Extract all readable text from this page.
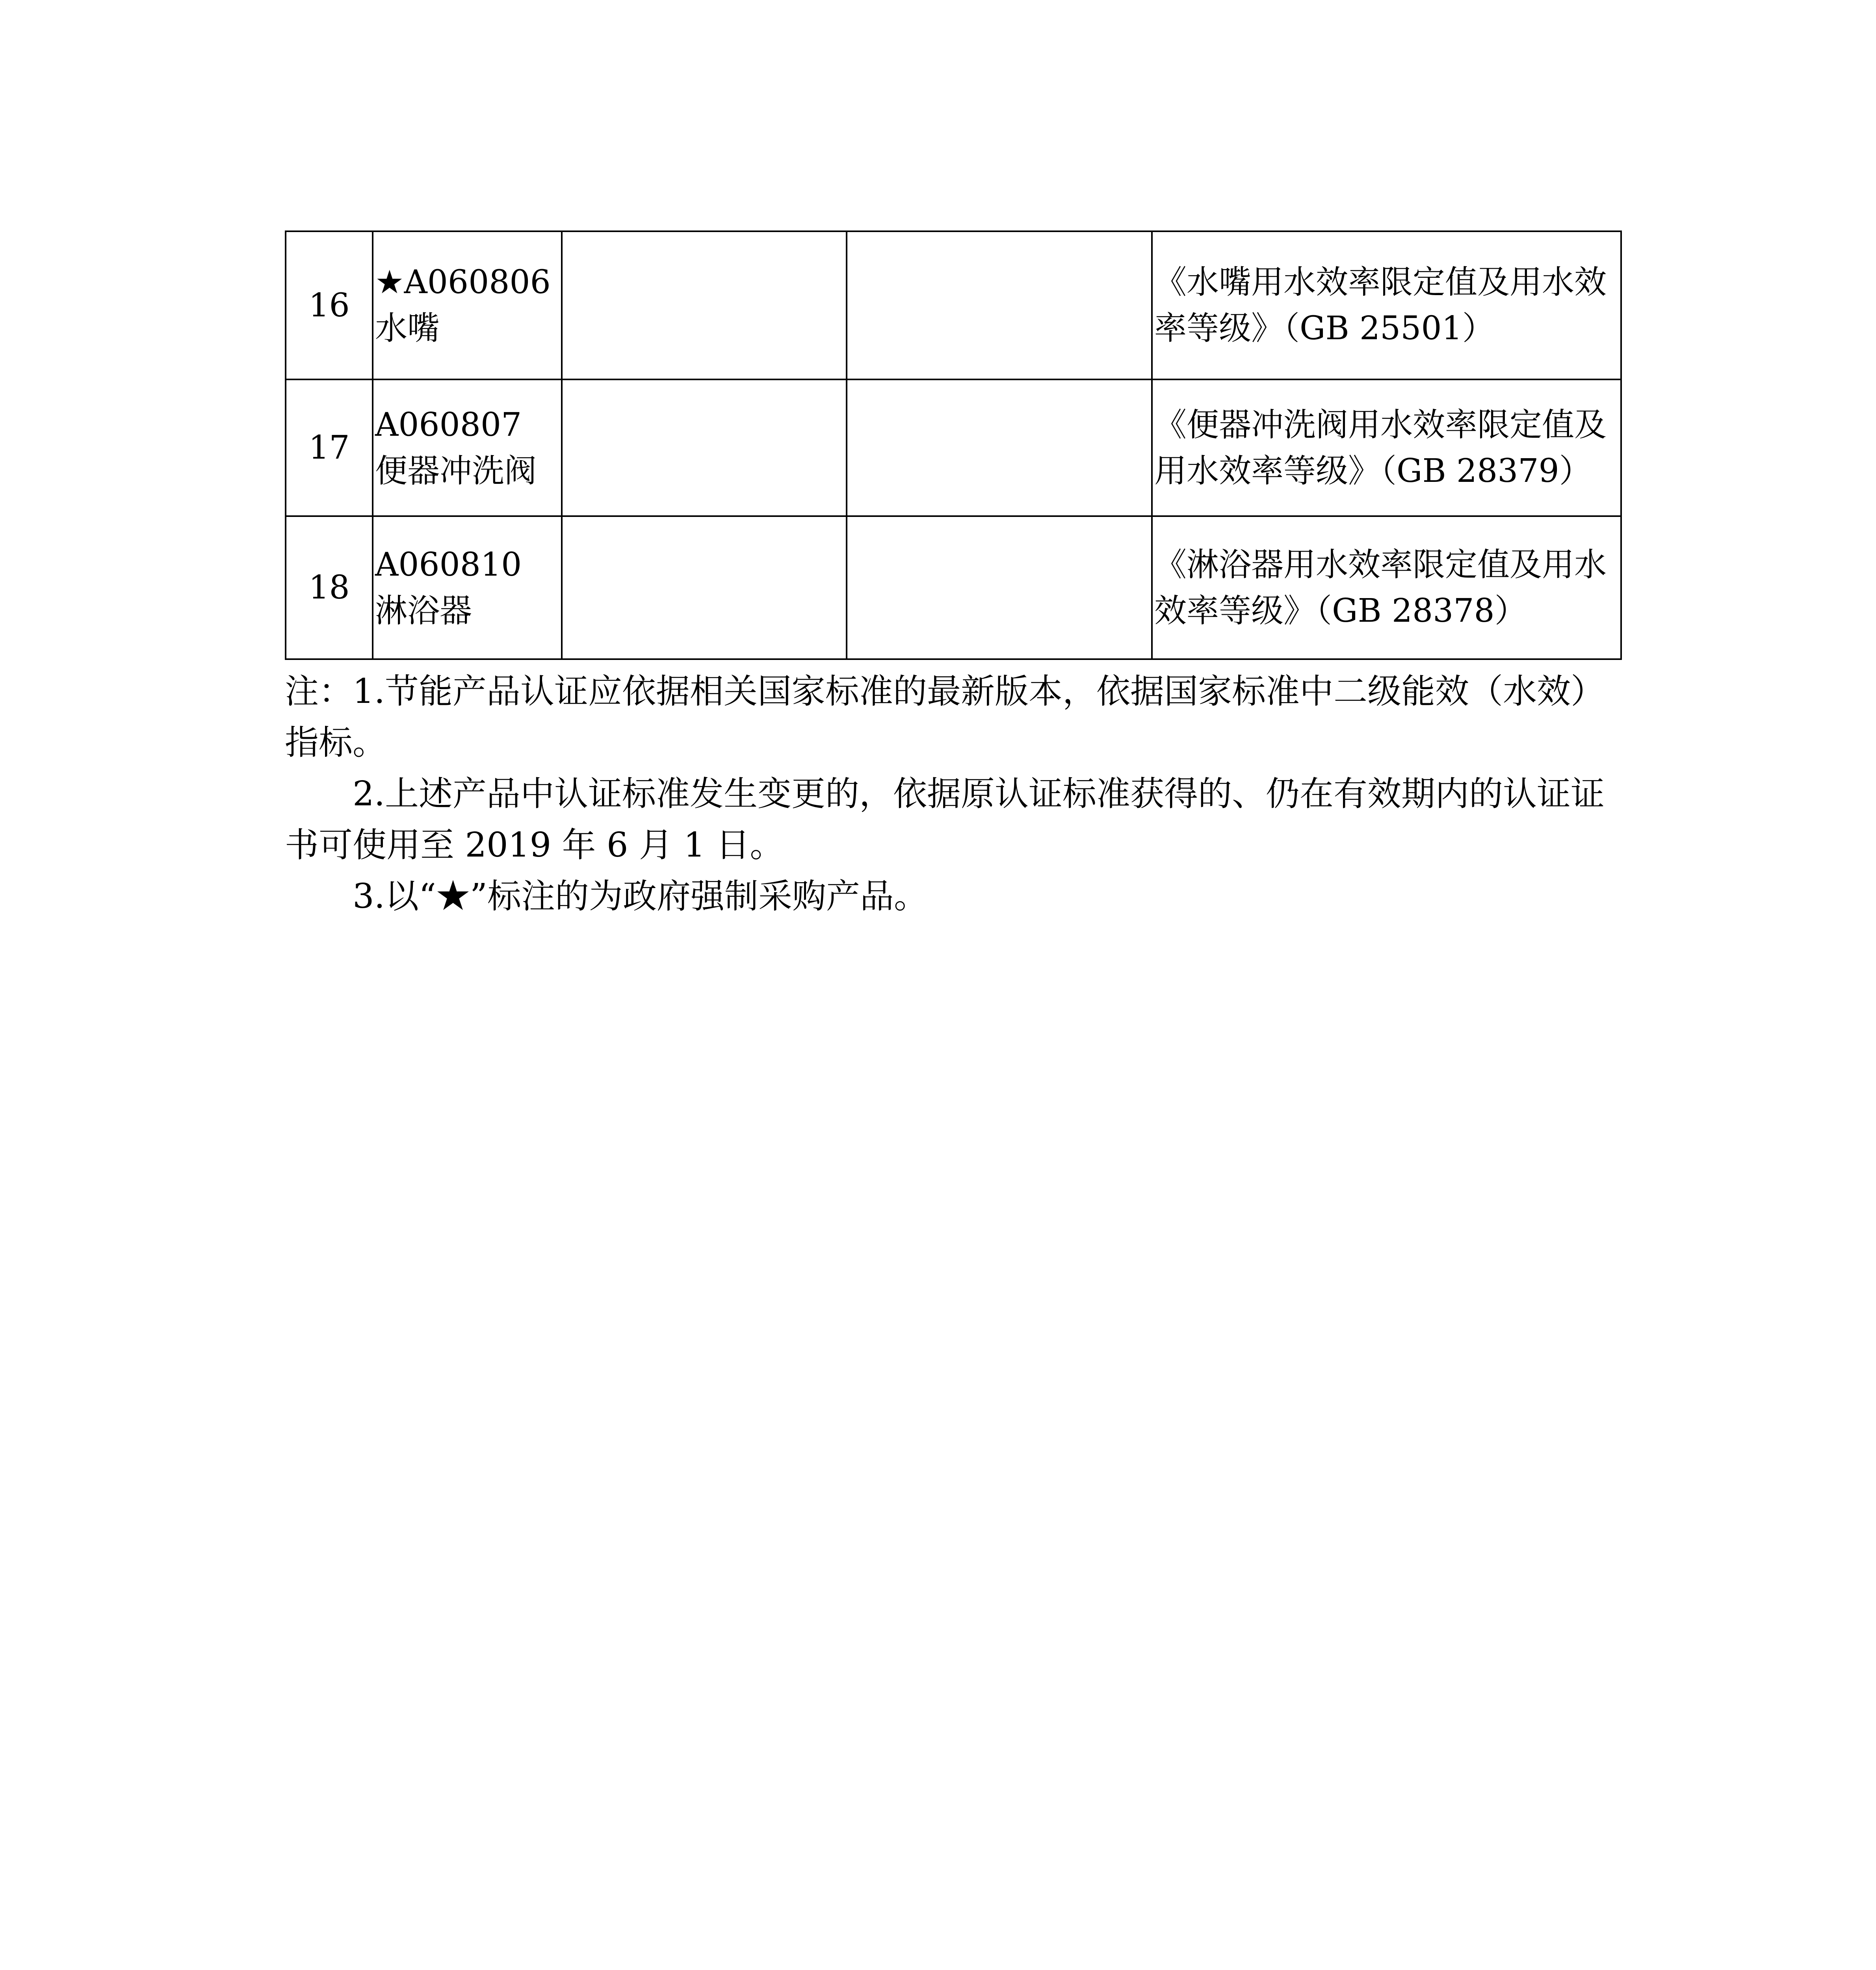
16	★A060806 水嘴			《水嘴用水效率限定值及用水效率等级》（GB 25501）
17	A060807 便器冲洗阀			《便器冲洗阀用水效率限定值及用水效率等级》（GB 28379）
18	A060810 淋浴器			《淋浴器用水效率限定值及用水效率等级》（GB 28378）

注：1.节能产品认证应依据相关国家标准的最新版本，依据国家标准中二级能效（水效）指标。

2.上述产品中认证标准发生变更的，依据原认证标准获得的、仍在有效期内的认证证书可使用至 2019 年 6 月 1 日。

3.以“★”标注的为政府强制采购产品。
